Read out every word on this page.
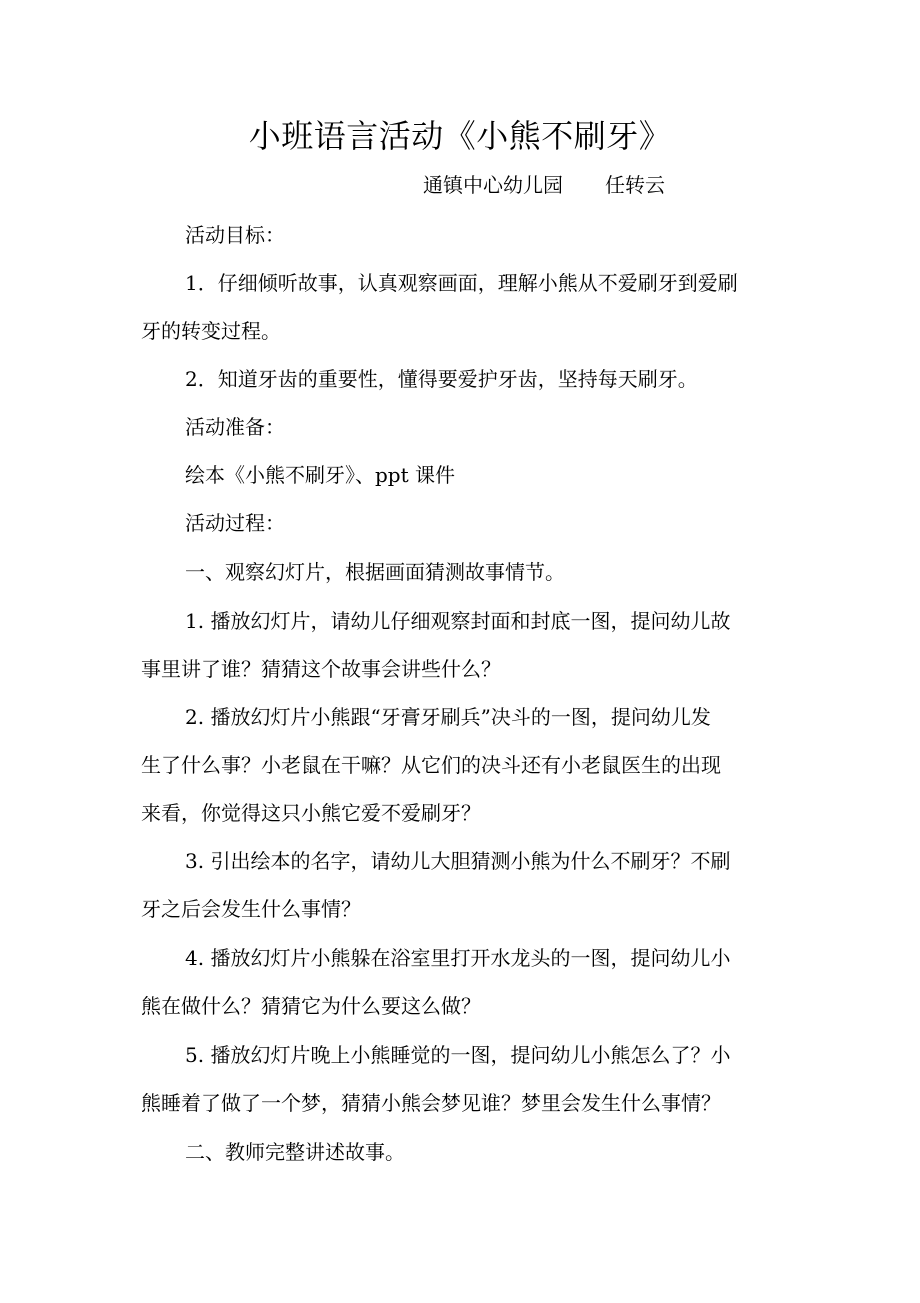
小班语言活动《小熊不刷牙》
通镇中心幼儿园 任转云
活动目标：
1．仔细倾听故事，认真观察画面，理解小熊从不爱刷牙到爱刷
牙的转变过程。
2．知道牙齿的重要性，懂得要爱护牙齿，坚持每天刷牙。
活动准备：
绘本《小熊不刷牙》、ppt 课件
活动过程：
一、观察幻灯片，根据画面猜测故事情节。
1. 播放幻灯片，请幼儿仔细观察封面和封底一图，提问幼儿故
事里讲了谁？猜猜这个故事会讲些什么？
2. 播放幻灯片小熊跟“牙膏牙刷兵”决斗的一图，提问幼儿发
生了什么事？小老鼠在干嘛？从它们的决斗还有小老鼠医生的出现
来看，你觉得这只小熊它爱不爱刷牙？
3. 引出绘本的名字，请幼儿大胆猜测小熊为什么不刷牙？不刷
牙之后会发生什么事情？
4. 播放幻灯片小熊躲在浴室里打开水龙头的一图，提问幼儿小
熊在做什么？猜猜它为什么要这么做？
5. 播放幻灯片晚上小熊睡觉的一图，提问幼儿小熊怎么了？小
熊睡着了做了一个梦，猜猜小熊会梦见谁？梦里会发生什么事情？
二、教师完整讲述故事。
